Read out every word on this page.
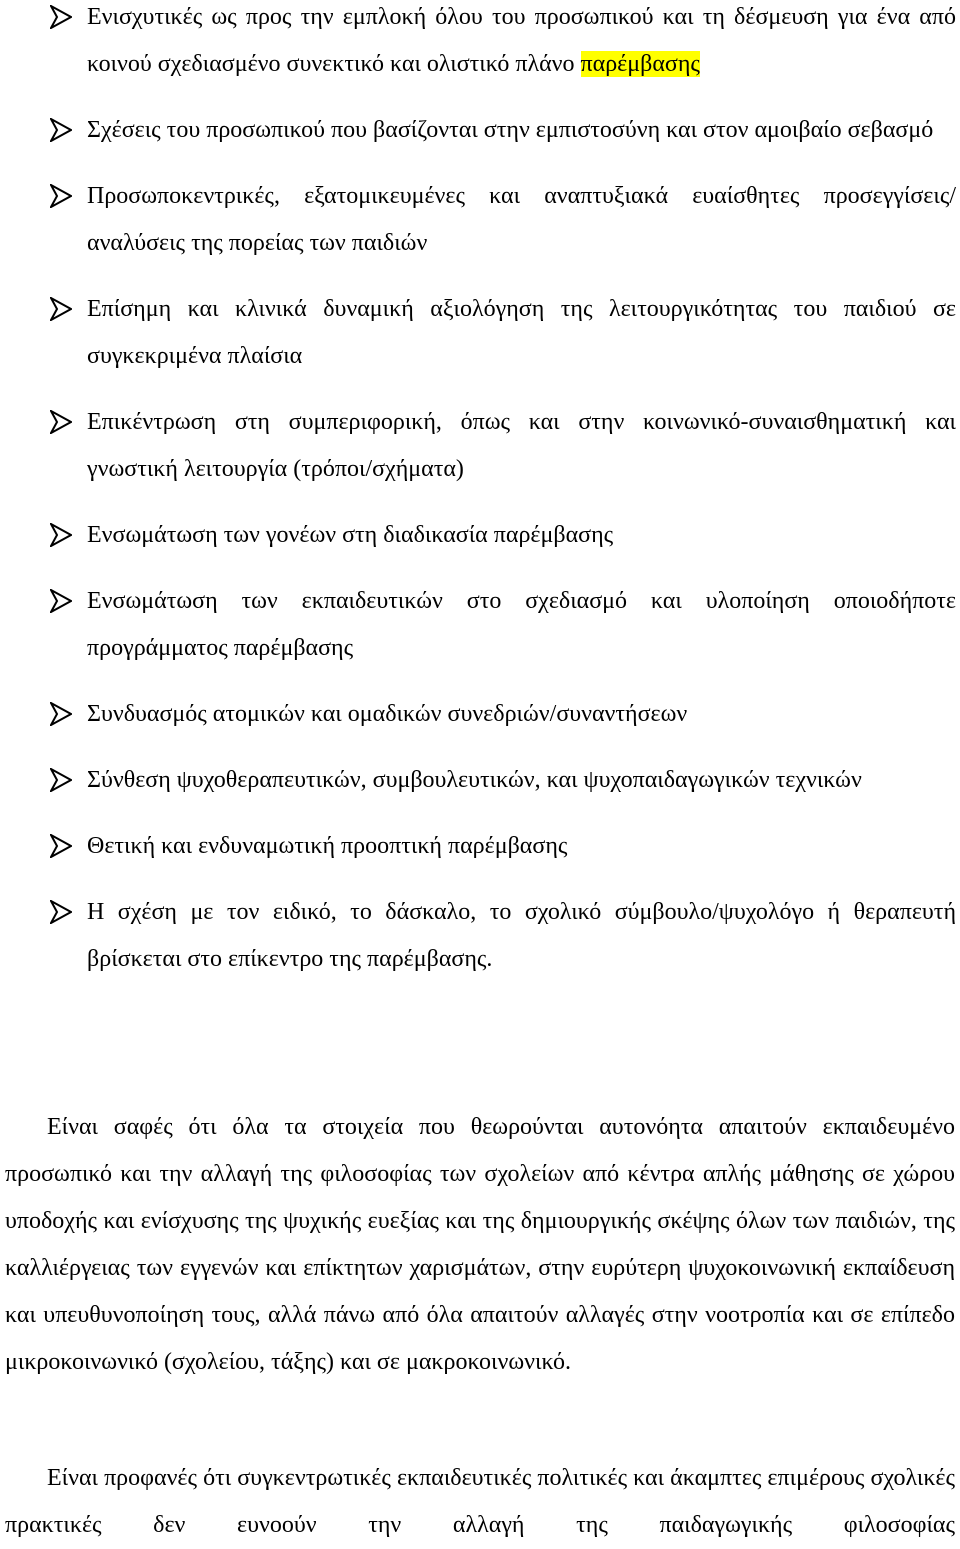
Ενισχυτικές ως προς την εμπλοκή όλου του προσωπικού και τη δέσμευση για ένα από κοινού σχεδιασμένο συνεκτικό και ολιστικό πλάνο παρέμβασης
Σχέσεις του προσωπικού που βασίζονται στην εμπιστοσύνη και στον αμοιβαίο σεβασμό
Προσωποκεντρικές, εξατομικευμένες και αναπτυξιακά ευαίσθητες προσεγγίσεις/αναλύσεις της πορείας των παιδιών
Επίσημη και κλινικά δυναμική αξιολόγηση της λειτουργικότητας του παιδιού σε συγκεκριμένα πλαίσια
Επικέντρωση στη συμπεριφορική, όπως και στην κοινωνικό-συναισθηματική και γνωστική λειτουργία (τρόποι/σχήματα)
Ενσωμάτωση των γονέων στη διαδικασία παρέμβασης
Ενσωμάτωση των εκπαιδευτικών στο σχεδιασμό και υλοποίηση οποιοδήποτε προγράμματος παρέμβασης
Συνδυασμός ατομικών και ομαδικών συνεδριών/συναντήσεων
Σύνθεση ψυχοθεραπευτικών, συμβουλευτικών, και ψυχοπαιδαγωγικών τεχνικών
Θετική και ενδυναμωτική προοπτική παρέμβασης
Η σχέση με τον ειδικό, το δάσκαλο, το σχολικό σύμβουλο/ψυχολόγο ή θεραπευτή βρίσκεται στο επίκεντρο της παρέμβασης.

Είναι σαφές ότι όλα τα στοιχεία που θεωρούνται αυτονόητα απαιτούν εκπαιδευμένο προσωπικό και την αλλαγή της φιλοσοφίας των σχολείων από κέντρα απλής μάθησης σε χώρου υποδοχής και ενίσχυσης της ψυχικής ευεξίας και της δημιουργικής σκέψης όλων των παιδιών, της καλλιέργειας των εγγενών και επίκτητων χαρισμάτων, στην ευρύτερη ψυχοκοινωνική εκπαίδευση και υπευθυνοποίηση τους, αλλά πάνω από όλα απαιτούν αλλαγές στην νοοτροπία και σε επίπεδο μικροκοινωνικό (σχολείου, τάξης) και σε μακροκοινωνικό.

Είναι προφανές ότι συγκεντρωτικές εκπαιδευτικές πολιτικές και άκαμπτες επιμέρους σχολικές πρακτικές δεν ευνοούν την αλλαγή της παιδαγωγικής φιλοσοφίας
